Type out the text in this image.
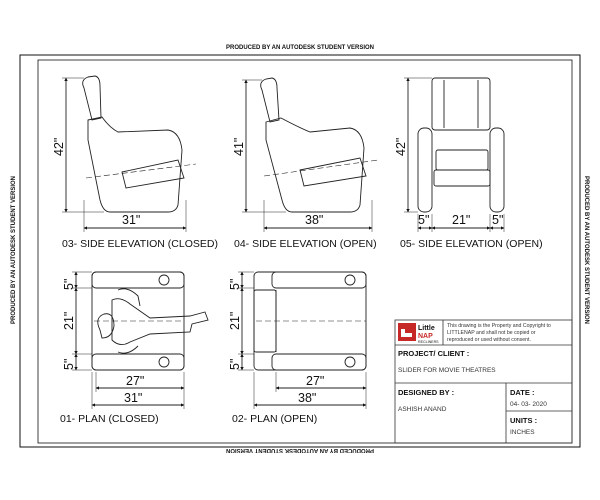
PRODUCED BY AN AUTODESK STUDENT VERSION
PRODUCED BY AN AUTODESK STUDENT VERSION
PRODUCED BY AN AUTODESK STUDENT VERSION	PRODUCED BY AN AUTODESK STUDENT VERSION
42"
31"
03- SIDE ELEVATION (CLOSED)
41"
38"
04- SIDE ELEVATION (OPEN)
42"
5" 21" 5"
05- SIDE ELEVATION (OPEN)
5"
21"
5"
27"
31"
01- PLAN (CLOSED)
5"
21"
5"
27"
38"
02- PLAN (OPEN)
Little
NAP
RECLINERS
This drawing is the Property and Copyright to
LITTLENAP and shall not be copied or
reproduced or used without consent.
PROJECT/ CLIENT :
SLIDER FOR MOVIE THEATRES
DESIGNED BY :
ASHISH ANAND
DATE :
04- 03- 2020
UNITS :
INCHES
